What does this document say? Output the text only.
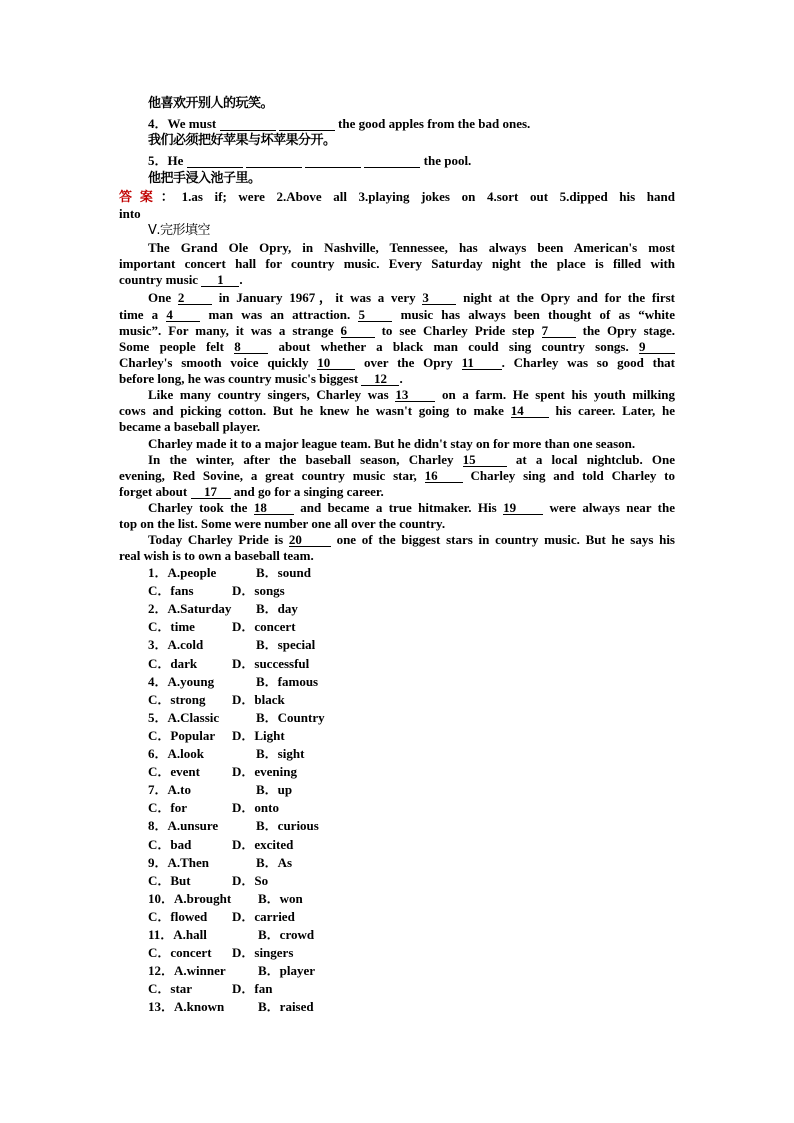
他喜欢开别人的玩笑。
4．We must	the good apples from the bad ones.
我们必须把好苹果与坏苹果分开。
5．He	the pool.
他把手浸入池子里。
答案：1.as if; were 2.Above all 3.playing jokes on 4.sort out 5.dipped his hand
into
Ⅴ.完形填空
The Grand Ole Opry, in Nashville, Tennessee, has always been American's most
important concert hall for country music. Every Saturday night the place is filled with
country music 1 .
One 2	in January 1967，it was a very 3	night at the Opry and for the first
time a 4	man was an attraction. 5	music has always been thought of as “white
music”. For many, it was a strange 6	to see Charley Pride step 7	the Opry stage.
Some people felt 8	about whether a black man could sing country songs. 9
Charley's smooth voice quickly 10	over the Opry 11 . Charley was so good that
before long, he was country music's biggest 12 .
Like many country singers, Charley was 13	on a farm. He spent his youth milking
cows and picking cotton. But he knew he wasn't going to make 14 his career. Later, he
became a baseball player.
Charley made it to a major league team. But he didn't stay on for more than one season.
In the winter, after the baseball season, Charley 15	at a local nightclub. One
evening, Red Sovine, a great country music star, 16	Charley sing and told Charley to
forget about 17 and go for a singing career.
Charley took the 18	and became a true hitmaker. His 19	were always near the
top on the list. Some were number one all over the country.
Today Charley Pride is 20	one of the biggest stars in country music. But he says his
real wish is to own a baseball team.
1．A.people	B．sound
C．fans	D．songs
2．A.Saturday B．day
C．time	D．concert
3．A.cold	B．special
C．dark	D．successful
4．A.young	B．famous
C．strong D．black
5．A.Classic	B．Country
C．Popular D．Light
6．A.look	B．sight
C．event D．evening
7．A.to	B．up
C．for	D．onto
8．A.unsure	B．curious
C．bad	D．excited
9．A.Then	B．As
C．But	D．So
10．A.brought B．won
C．flowed D．carried
11．A.hall	B．crowd
C．concert D．singers
12．A.winner B．player
C．star	D．fan
13．A.known	B．raised
